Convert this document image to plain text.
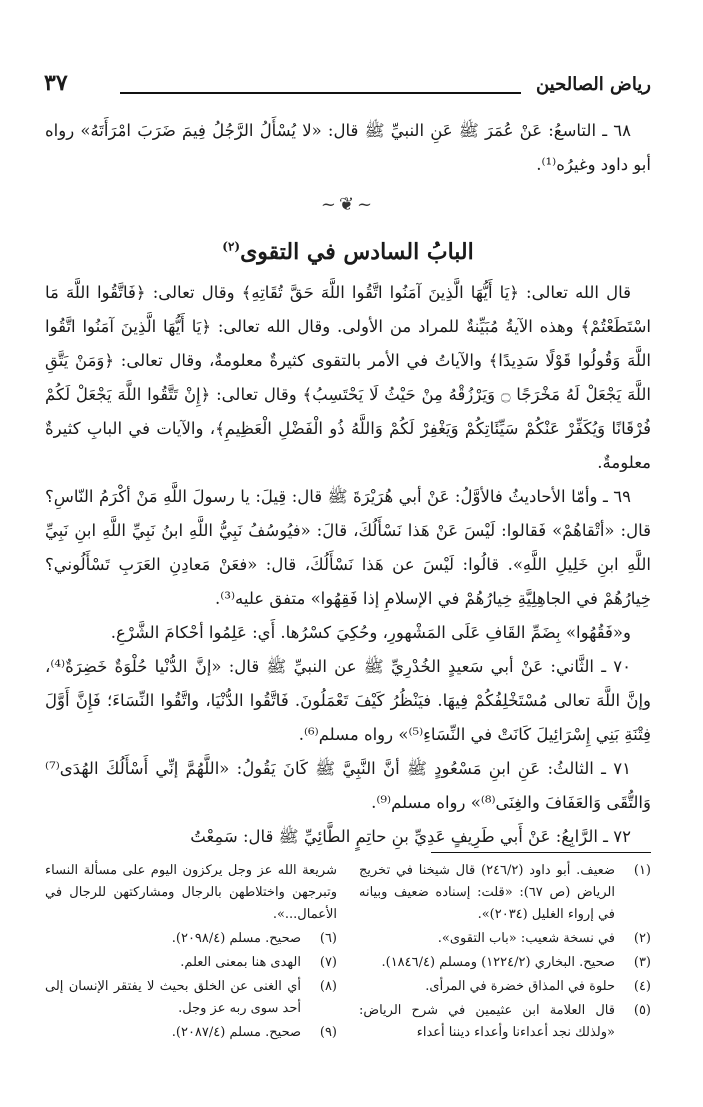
رياض الصالحين
٣٧

٦٨ ـ التاسعُ: عَنْ عُمَرَ ﷺ عَنِ النبيِّ ﷺ قال: «لا يُسْأَلُ الرَّجُلُ فِيمَ ضَرَبَ امْرَأَتَهُ» رواه أبو داود وغيرُه⁽¹⁾.

~❦~
البابُ السادس في التقوى$^{(٢)}$

قال الله تعالى: ﴿يَا أَيُّهَا الَّذِينَ آمَنُوا اتَّقُوا اللَّهَ حَقَّ تُقَاتِهِ﴾ وقال تعالى: ﴿فَاتَّقُوا اللَّهَ مَا اسْتَطَعْتُمْ﴾ وهذه الآيةُ مُبَيِّنةٌ للمراد من الأولى. وقال الله تعالى: ﴿يَا أَيُّهَا الَّذِينَ آمَنُوا اتَّقُوا اللَّهَ وَقُولُوا قَوْلًا سَدِيدًا﴾ والآياتُ في الأمر بالتقوى كثيرةٌ معلومةٌ، وقال تعالى: ﴿وَمَنْ يَتَّقِ اللَّهَ يَجْعَلْ لَهُ مَخْرَجًا ۝ وَيَرْزُقْهُ مِنْ حَيْثُ لَا يَحْتَسِبُ﴾ وقال تعالى: ﴿إِنْ تَتَّقُوا اللَّهَ يَجْعَلْ لَكُمْ فُرْقَانًا وَيُكَفِّرْ عَنْكُمْ سَيِّئَاتِكُمْ وَيَغْفِرْ لَكُمْ وَاللَّهُ ذُو الْفَضْلِ الْعَظِيمِ﴾، والآيات في البابِ كثيرةٌ معلومةٌ.

٦٩ ـ وأمّا الأحاديثُ فالأوَّلُ: عَنْ أبي هُرَيْرَةَ ﷺ قال: قِيلَ: يا رسولَ اللَّهِ مَنْ أكْرَمُ النّاسِ؟ قال: «أتْقاهُمْ» فَقالوا: لَيْسَ عَنْ هَذا نَسْأَلُكَ، قالَ: «فيُوسُفُ نَبِيُّ اللَّهِ ابنُ نَبِيِّ اللَّهِ ابنِ نَبِيِّ اللَّهِ ابنِ خَلِيلِ اللَّهِ». قالُوا: لَيْسَ عن هَذا نَسْأَلُكَ، قال: «فعَنْ مَعادِنِ العَرَبِ تَسْأَلُوني؟ خِيارُهُمْ في الجاهِلِيَّةِ خِيارُهُمْ في الإسلامِ إذا فَقِهُوا» متفق عليه⁽³⁾.

و«فَقُهُوا» بِضَمِّ القَافِ عَلَى المَشْهورِ، وحُكِيَ كسْرُها. أَي: عَلِمُوا أحْكامَ الشَّرْعِ.

٧٠ ـ الثَّاني: عَنْ أبي سَعيدٍ الخُدْرِيِّ ﷺ عن النبيِّ ﷺ قال: «إنَّ الدُّنْيا حُلْوَةٌ خَضِرَةٌ⁽⁴⁾، وإنَّ اللَّهَ تعالى مُسْتَخْلِفُكُمْ فِيهَا. فيَنْظُرُ كَيْفَ تَعْمَلُونَ. فَاتَّقُوا الدُّنْيَا، واتَّقُوا النِّسَاءَ؛ فَإِنَّ أَوَّلَ فِتْنَةِ بَنِي إِسْرَائِيلَ كَانَتْ في النِّسَاءِ⁽⁵⁾» رواه مسلم⁽⁶⁾.

٧١ ـ الثالثُ: عَنِ ابنِ مَسْعُودٍ ﷺ أنَّ النَّبِيَّ ﷺ كَانَ يَقُولُ: «اللَّهُمَّ إنِّي أَسْأَلُكَ الهُدَى⁽⁷⁾ وَالتُّقَى وَالعَفَافَ والغِنَى⁽⁸⁾» رواه مسلم⁽⁹⁾.

٧٢ ـ الرَّابِعُ: عَنْ أَبي طَرِيفٍ عَدِيِّ بنِ حاتِمٍ الطَّائِيِّ ﷺ قال: سَمِعْتُ

(١)
ضعيف. أبو داود (٢٤٦/٢) قال شيخنا في تخريج الرياض (ص ٦٧): «قلت: إسناده ضعيف وبيانه في إرواء الغليل (٢٠٣٤)».
(٢)
في نسخة شعيب: «باب التقوى».
(٣)
صحيح. البخاري (١٢٢٤/٢) ومسلم (١٨٤٦/٤).
(٤)
حلوة في المذاق خضرة في المرأى.
(٥)
قال العلامة ابن عثيمين في شرح الرياض: «ولذلك نجد أعداءنا وأعداء ديننا أعداء
شريعة الله عز وجل يركزون اليوم على مسألة النساء وتبرجهن واختلاطهن بالرجال ومشاركتهن للرجال في الأعمال...».
(٦)
صحيح. مسلم (٢٠٩٨/٤).
(٧)
الهدى هنا بمعنى العلم.
(٨)
أي الغنى عن الخلق بحيث لا يفتقر الإنسان إلى أحد سوى ربه عز وجل.
(٩)
صحيح. مسلم (٢٠٨٧/٤).
